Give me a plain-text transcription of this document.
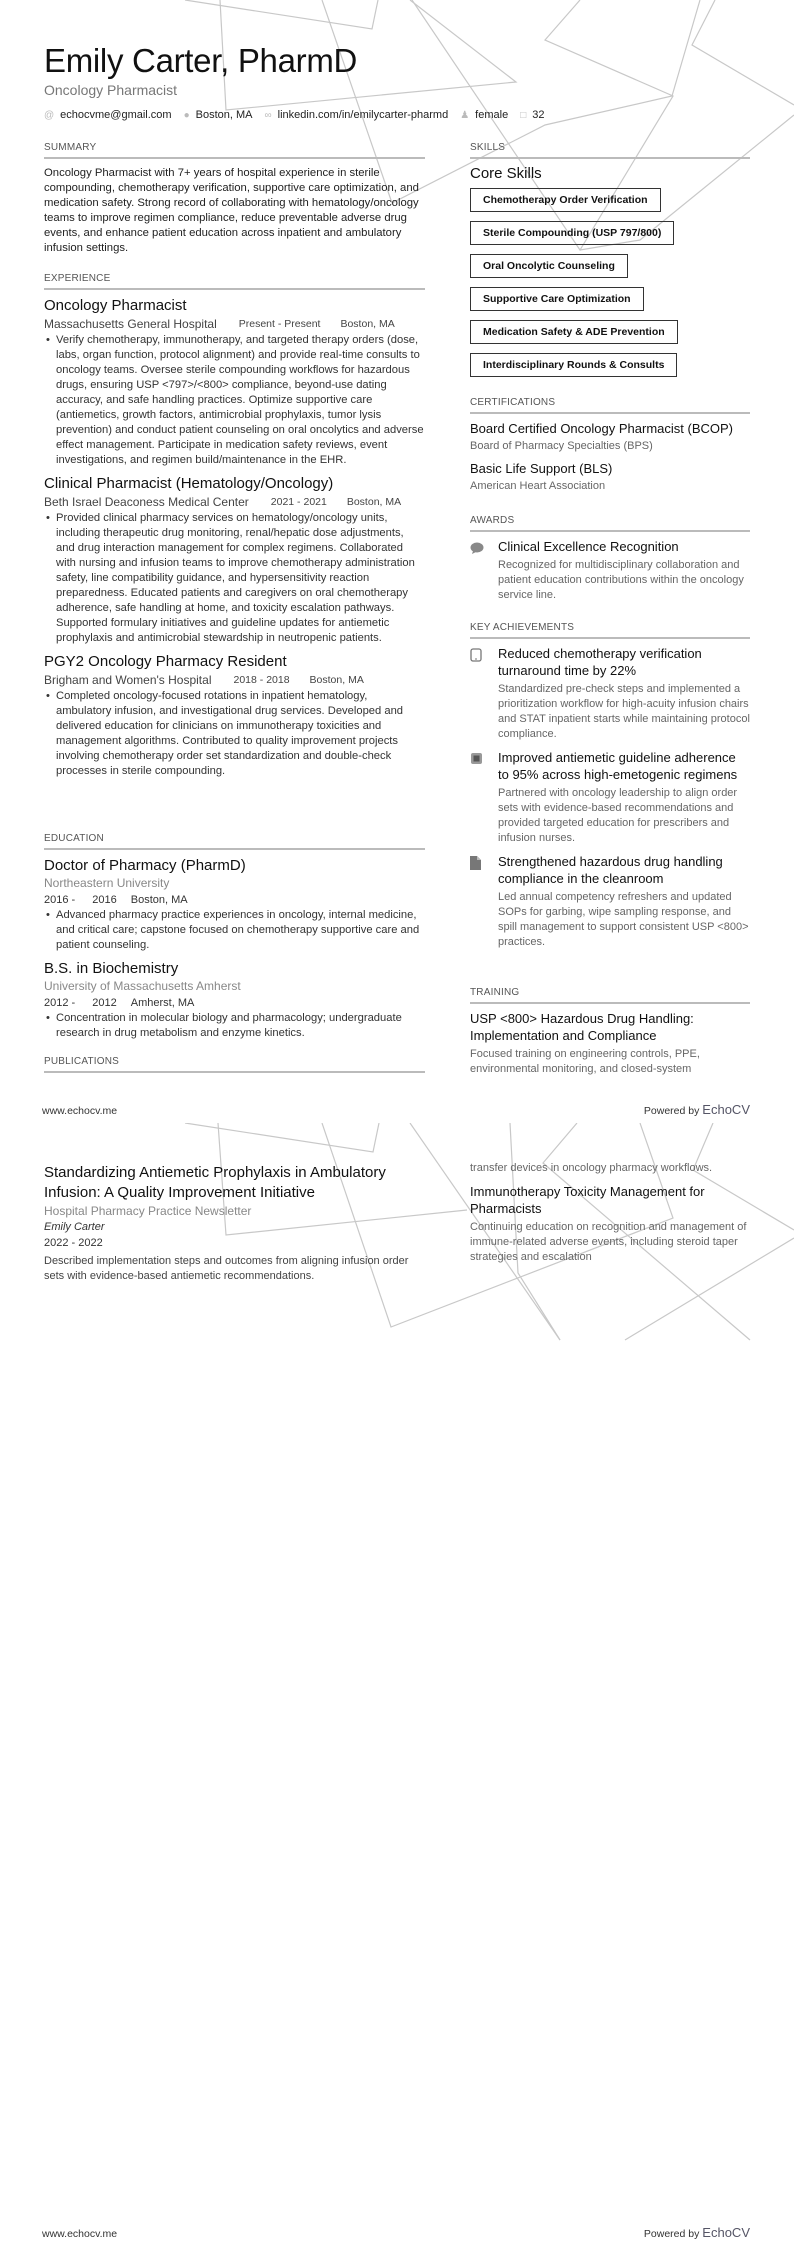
Emily Carter, PharmD
Oncology Pharmacist
@ echocvme@gmail.com ● Boston, MA ∞ linkedin.com/in/emilycarter-pharmd ♟ female □ 32
SUMMARY
Oncology Pharmacist with 7+ years of hospital experience in sterile compounding, chemotherapy verification, supportive care optimization, and medication safety. Strong record of collaborating with hematology/oncology teams to improve regimen compliance, reduce preventable adverse drug events, and enhance patient education across inpatient and ambulatory infusion settings.
EXPERIENCE
Oncology Pharmacist
Massachusetts General Hospital Present - Present Boston, MA
• Verify chemotherapy, immunotherapy, and targeted therapy orders (dose, labs, organ function, protocol alignment) and provide real-time consults to oncology teams. Oversee sterile compounding workflows for hazardous drugs, ensuring USP <797>/<800> compliance, beyond-use dating accuracy, and safe handling practices. Optimize supportive care (antiemetics, growth factors, antimicrobial prophylaxis, tumor lysis prevention) and conduct patient counseling on oral oncolytics and adverse effect management. Participate in medication safety reviews, event investigations, and regimen build/maintenance in the EHR.
Clinical Pharmacist (Hematology/Oncology)
Beth Israel Deaconess Medical Center 2021 - 2021 Boston, MA
• Provided clinical pharmacy services on hematology/oncology units, including therapeutic drug monitoring, renal/hepatic dose adjustments, and drug interaction management for complex regimens. Collaborated with nursing and infusion teams to improve chemotherapy administration safety, line compatibility guidance, and hypersensitivity reaction preparedness. Educated patients and caregivers on oral chemotherapy adherence, safe handling at home, and toxicity escalation pathways. Supported formulary initiatives and guideline updates for antiemetic prophylaxis and antimicrobial stewardship in neutropenic patients.
PGY2 Oncology Pharmacy Resident
Brigham and Women's Hospital 2018 - 2018 Boston, MA
• Completed oncology-focused rotations in inpatient hematology, ambulatory infusion, and investigational drug services. Developed and delivered education for clinicians on immunotherapy toxicities and management algorithms. Contributed to quality improvement projects involving chemotherapy order set standardization and double-check processes in sterile compounding.
EDUCATION
Doctor of Pharmacy (PharmD)
Northeastern University
2016 - 2016 Boston, MA
• Advanced pharmacy practice experiences in oncology, internal medicine, and critical care; capstone focused on chemotherapy supportive care and patient counseling.
B.S. in Biochemistry
University of Massachusetts Amherst
2012 - 2012 Amherst, MA
• Concentration in molecular biology and pharmacology; undergraduate research in drug metabolism and enzyme kinetics.
PUBLICATIONS
SKILLS
Core Skills
Chemotherapy Order Verification
Sterile Compounding (USP 797/800)
Oral Oncolytic Counseling
Supportive Care Optimization
Medication Safety & ADE Prevention
Interdisciplinary Rounds & Consults
CERTIFICATIONS
Board Certified Oncology Pharmacist (BCOP)
Board of Pharmacy Specialties (BPS)
Basic Life Support (BLS)
American Heart Association
AWARDS
Clinical Excellence Recognition
Recognized for multidisciplinary collaboration and patient education contributions within the oncology service line.
KEY ACHIEVEMENTS
Reduced chemotherapy verification turnaround time by 22%
Standardized pre-check steps and implemented a prioritization workflow for high-acuity infusion chairs and STAT inpatient starts while maintaining protocol compliance.
Improved antiemetic guideline adherence to 95% across high-emetogenic regimens
Partnered with oncology leadership to align order sets with evidence-based recommendations and provided targeted education for prescribers and infusion nurses.
Strengthened hazardous drug handling compliance in the cleanroom
Led annual competency refreshers and updated SOPs for garbing, wipe sampling response, and spill management to support consistent USP <800> practices.
TRAINING
USP <800> Hazardous Drug Handling: Implementation and Compliance
Focused training on engineering controls, PPE, environmental monitoring, and closed-system
www.echocv.me	Powered by EchoCV
Standardizing Antiemetic Prophylaxis in Ambulatory Infusion: A Quality Improvement Initiative
Hospital Pharmacy Practice Newsletter
Emily Carter
2022 - 2022
Described implementation steps and outcomes from aligning infusion order sets with evidence-based antiemetic recommendations.
transfer devices in oncology pharmacy workflows.
Immunotherapy Toxicity Management for Pharmacists
Continuing education on recognition and management of immune-related adverse events, including steroid taper strategies and escalation
www.echocv.me	Powered by EchoCV
